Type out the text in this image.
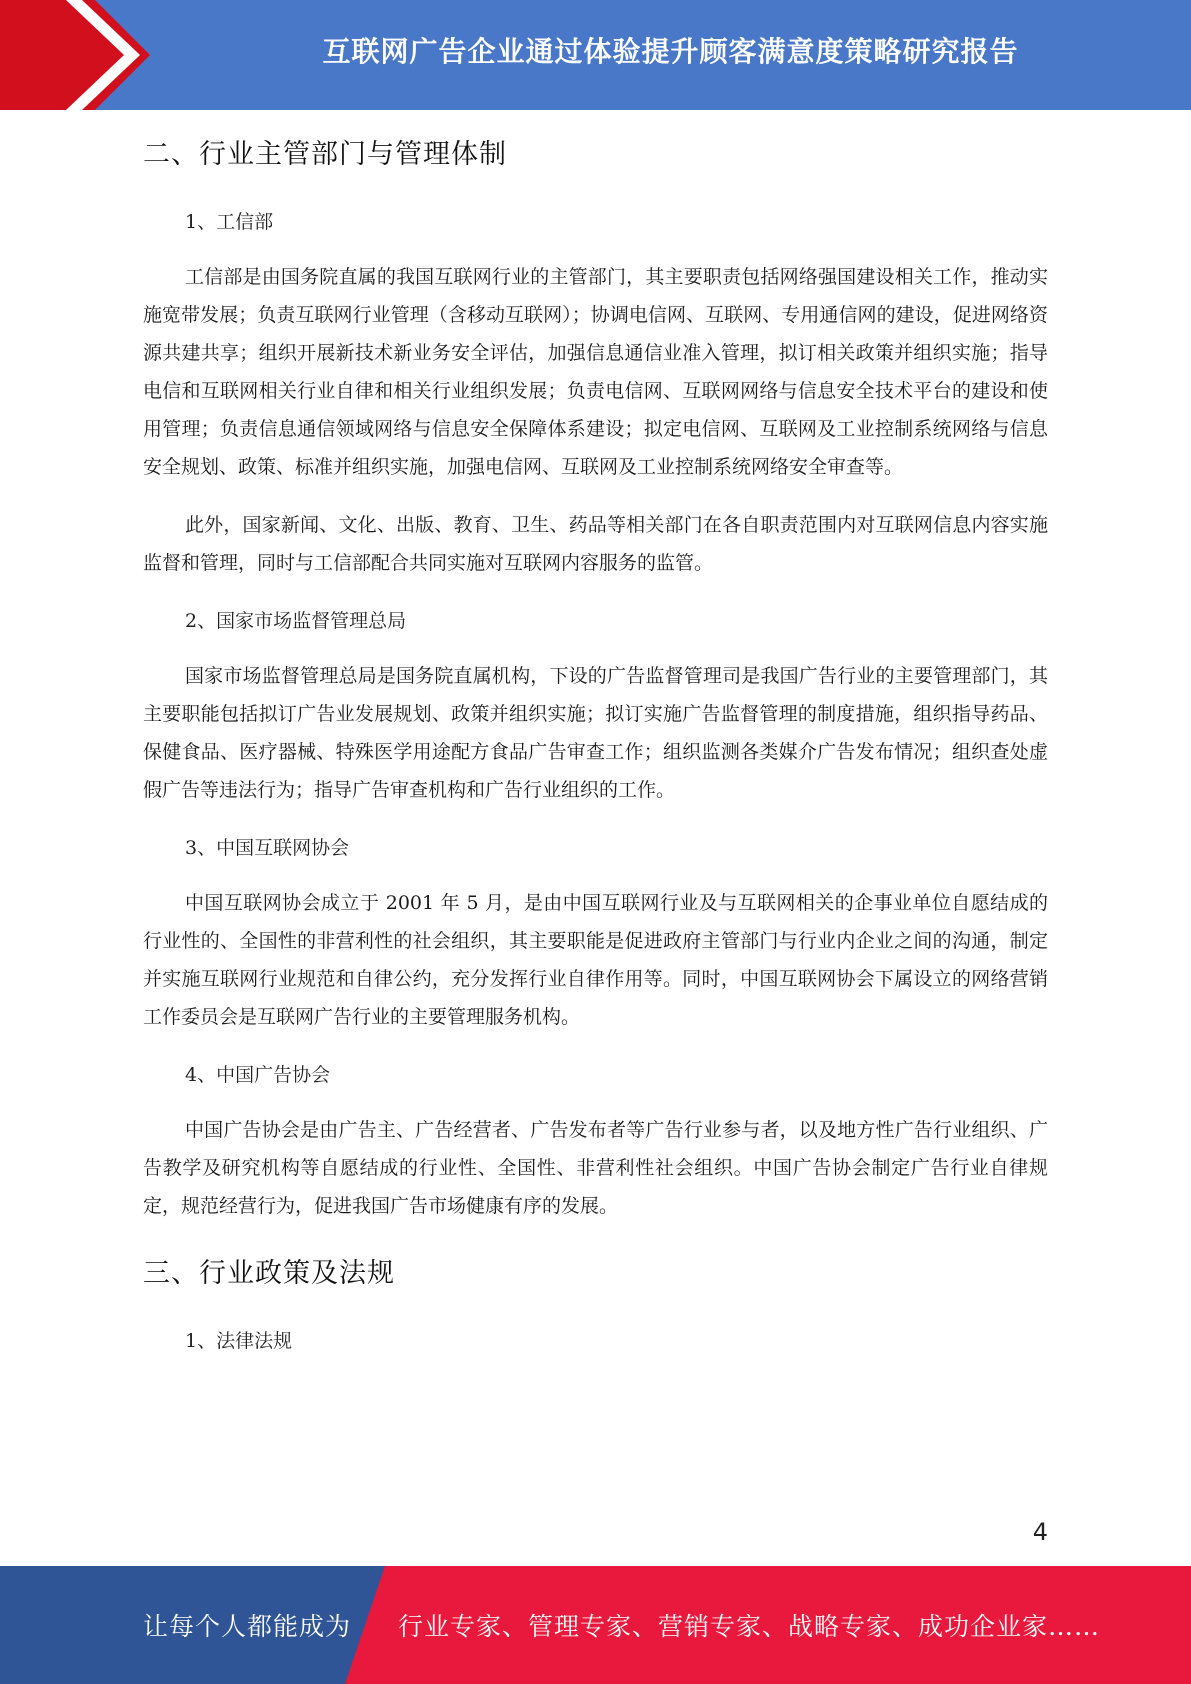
互联网广告企业通过体验提升顾客满意度策略研究报告
二、行业主管部门与管理体制
1、工信部

工信部是由国务院直属的我国互联网行业的主管部门，其主要职责包括网络强国建设相关工作，推动实施宽带发展；负责互联网行业管理（含移动互联网）；协调电信网、互联网、专用通信网的建设，促进网络资源共建共享；组织开展新技术新业务安全评估，加强信息通信业准入管理，拟订相关政策并组织实施；指导电信和互联网相关行业自律和相关行业组织发展；负责电信网、互联网网络与信息安全技术平台的建设和使用管理；负责信息通信领域网络与信息安全保障体系建设；拟定电信网、互联网及工业控制系统网络与信息安全规划、政策、标准并组织实施，加强电信网、互联网及工业控制系统网络安全审查等。

此外，国家新闻、文化、出版、教育、卫生、药品等相关部门在各自职责范围内对互联网信息内容实施监督和管理，同时与工信部配合共同实施对互联网内容服务的监管。

2、国家市场监督管理总局

国家市场监督管理总局是国务院直属机构，下设的广告监督管理司是我国广告行业的主要管理部门，其主要职能包括拟订广告业发展规划、政策并组织实施；拟订实施广告监督管理的制度措施，组织指导药品、保健食品、医疗器械、特殊医学用途配方食品广告审查工作；组织监测各类媒介广告发布情况；组织查处虚假广告等违法行为；指导广告审查机构和广告行业组织的工作。

3、中国互联网协会

中国互联网协会成立于 2001 年 5 月，是由中国互联网行业及与互联网相关的企事业单位自愿结成的行业性的、全国性的非营利性的社会组织，其主要职能是促进政府主管部门与行业内企业之间的沟通，制定并实施互联网行业规范和自律公约，充分发挥行业自律作用等。同时，中国互联网协会下属设立的网络营销工作委员会是互联网广告行业的主要管理服务机构。

4、中国广告协会

中国广告协会是由广告主、广告经营者、广告发布者等广告行业参与者，以及地方性广告行业组织、广告教学及研究机构等自愿结成的行业性、全国性、非营利性社会组织。中国广告协会制定广告行业自律规定，规范经营行为，促进我国广告市场健康有序的发展。

三、行业政策及法规
1、法律法规
4
让每个人都能成为 行业专家、管理专家、营销专家、战略专家、成功企业家……
